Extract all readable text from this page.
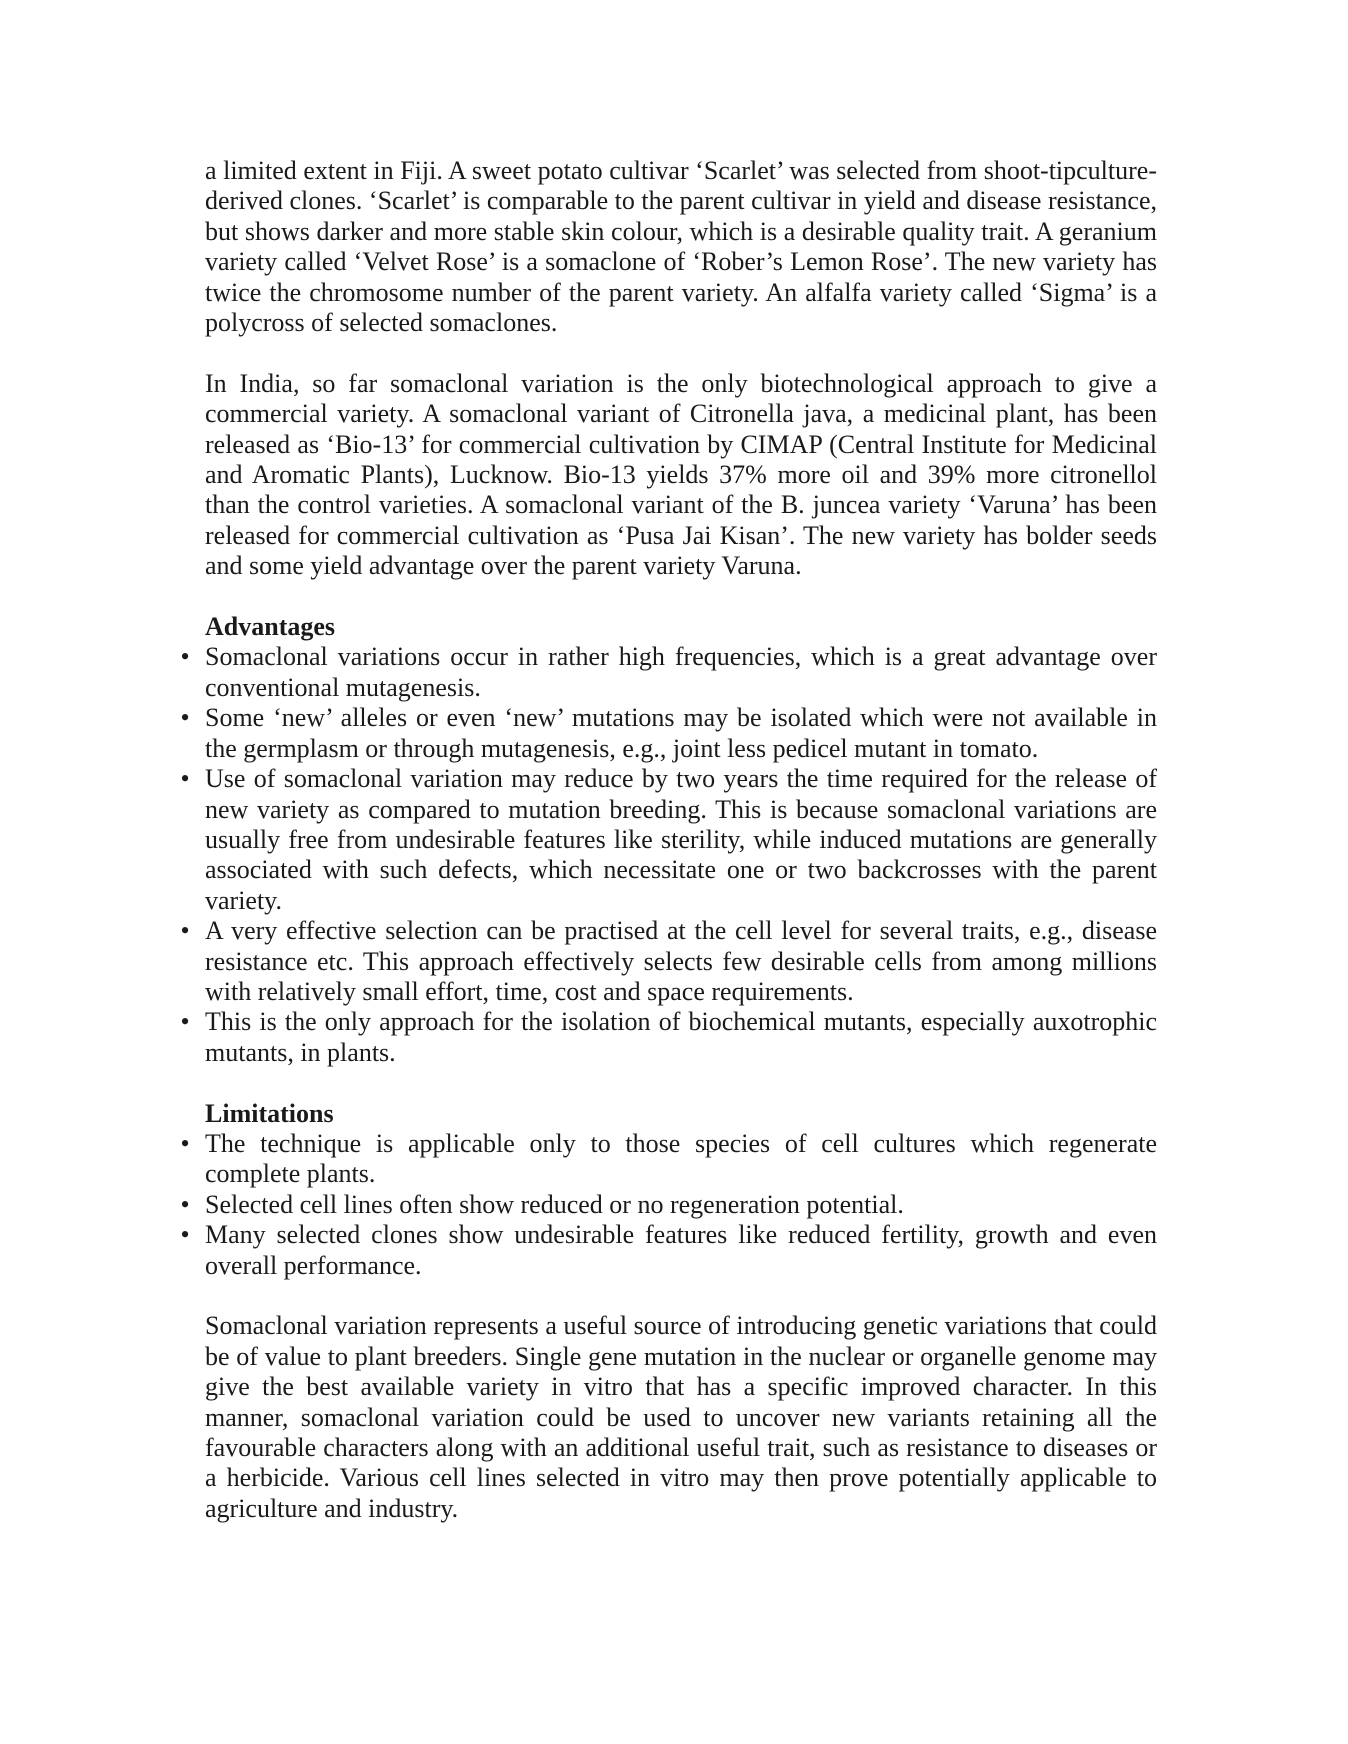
a limited extent in Fiji. A sweet potato cultivar ‘Scarlet’ was selected from shoot-tipculture-derived clones. ‘Scarlet’ is comparable to the parent cultivar in yield and disease resistance, but shows darker and more stable skin colour, which is a desirable quality trait. A geranium variety called ‘Velvet Rose’ is a somaclone of ‘Rober’s Lemon Rose’. The new variety has twice the chromosome number of the parent variety. An alfalfa variety called ‘Sigma’ is a polycross of selected somaclones.

In India, so far somaclonal variation is the only biotechnological approach to give a commercial variety. A somaclonal variant of Citronella java, a medicinal plant, has been released as ‘Bio-13’ for commercial cultivation by CIMAP (Central Institute for Medicinal and Aromatic Plants), Lucknow. Bio-13 yields 37% more oil and 39% more citronellol than the control varieties. A somaclonal variant of the B. juncea variety ‘Varuna’ has been released for commercial cultivation as ‘Pusa Jai Kisan’. The new variety has bolder seeds and some yield advantage over the parent variety Varuna.

Advantages

• Somaclonal variations occur in rather high frequencies, which is a great advantage over conventional mutagenesis.
• Some ‘new’ alleles or even ‘new’ mutations may be isolated which were not available in the germplasm or through mutagenesis, e.g., joint less pedicel mutant in tomato.
• Use of somaclonal variation may reduce by two years the time required for the release of new variety as compared to mutation breeding. This is because somaclonal variations are usually free from undesirable features like sterility, while induced mutations are generally associated with such defects, which necessitate one or two backcrosses with the parent variety.
• A very effective selection can be practised at the cell level for several traits, e.g., disease resistance etc. This approach effectively selects few desirable cells from among millions with relatively small effort, time, cost and space requirements.
• This is the only approach for the isolation of biochemical mutants, especially auxotrophic mutants, in plants.

Limitations

• The technique is applicable only to those species of cell cultures which regenerate complete plants.
• Selected cell lines often show reduced or no regeneration potential.
• Many selected clones show undesirable features like reduced fertility, growth and even overall performance.

Somaclonal variation represents a useful source of introducing genetic variations that could be of value to plant breeders. Single gene mutation in the nuclear or organelle genome may give the best available variety in vitro that has a specific improved character. In this manner, somaclonal variation could be used to uncover new variants retaining all the favourable characters along with an additional useful trait, such as resistance to diseases or a herbicide. Various cell lines selected in vitro may then prove potentially applicable to agriculture and industry.
